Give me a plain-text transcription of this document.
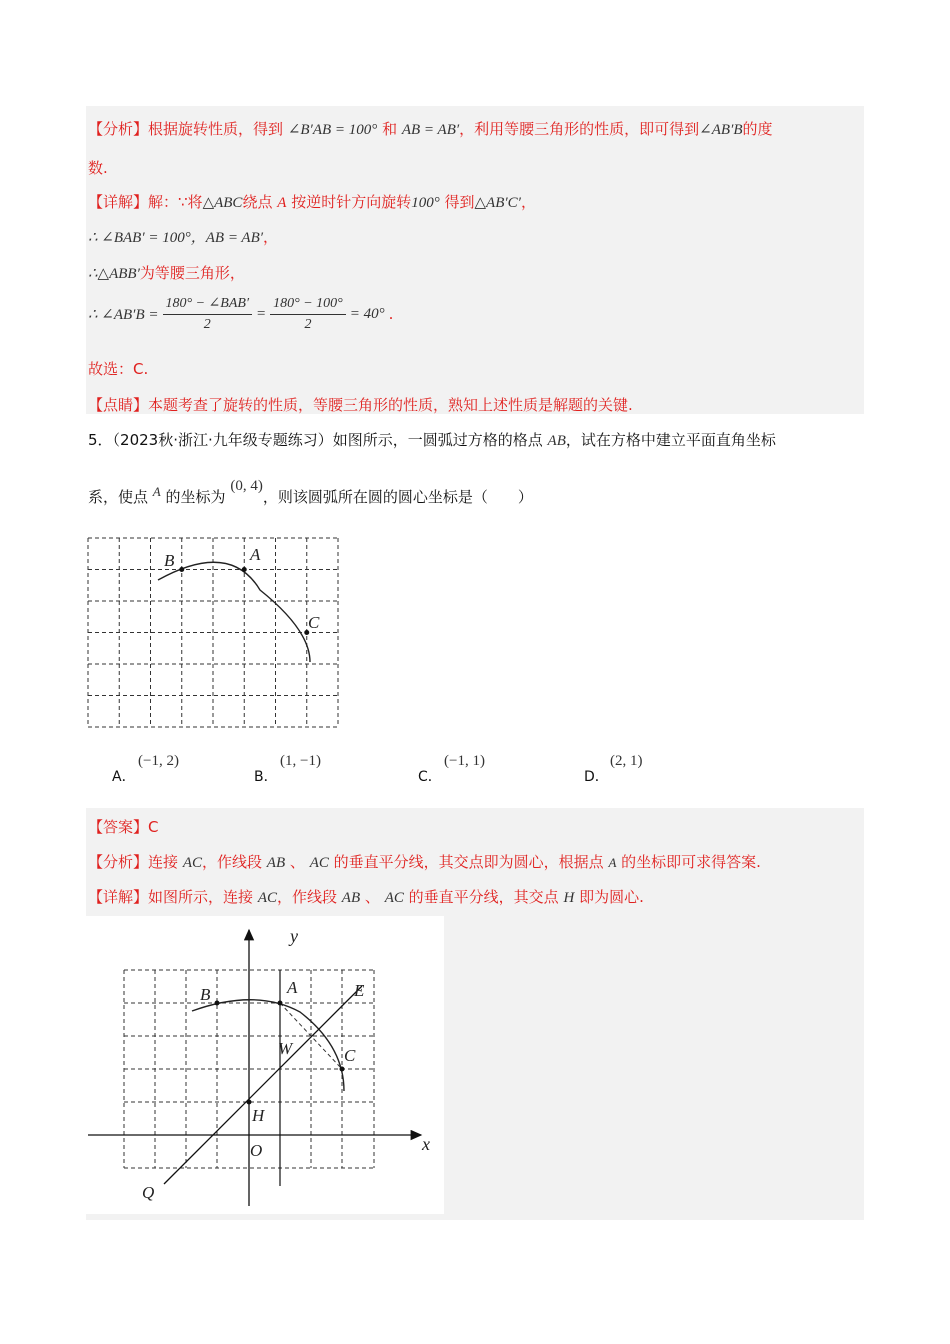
【分析】根据旋转性质，得到 ∠B′AB = 100° 和 AB = AB′，利用等腰三角形的性质，即可得到∠AB′B的度
数.
【详解】解：∵将△ABC绕点 A 按逆时针方向旋转100° 得到△AB′C′，
∴ ∠BAB′ = 100°，AB = AB′，
∴△ABB′为等腰三角形，
∴ ∠AB′B = $\frac{\text{180° − ∠BAB′}}{2} = \frac{180^\circ - 100^\circ}{2} = 40^\circ$ .
故选：C.
【点睛】本题考查了旋转的性质，等腰三角形的性质，熟知上述性质是解题的关键.
5．（2023秋·浙江·九年级专题练习）如图所示，一圆弧过方格的格点 AB，试在方格中建立平面直角坐标
系，使点 A 的坐标为 (0, 4)，则该圆弧所在圆的圆心坐标是（　　）
B	A
C
A．
(−1, 2)
B．
(1, −1)
C．
(−1, 1)
D．
(2, 1)
【答案】C
【分析】连接 AC，作线段 AB 、 AC 的垂直平分线，其交点即为圆心，根据点 A 的坐标即可求得答案.
【详解】如图所示，连接 AC，作线段 AB 、 AC 的垂直平分线，其交点 H 即为圆心.
y
x
B	A	E
W	C
H
O
Q
